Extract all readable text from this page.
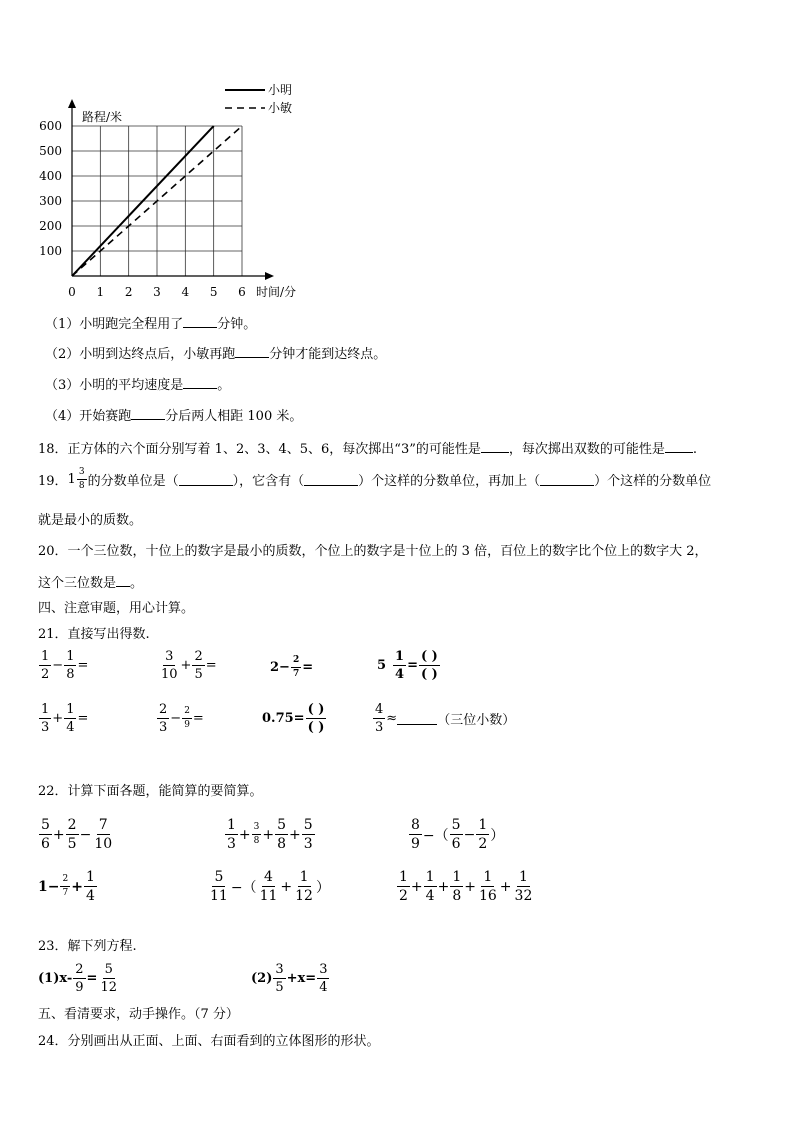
0 1 2 3 4 5 6
100
200
300
400
500
600
小明
小敏
路程/米
时间/分
（1）小明跑完全程用了	分钟。
（2）小明到达终点后，小敏再跑	分钟才能到达终点。
（3）小明的平均速度是	。
（4）开始赛跑	分后两人相距 100 米。
18．正方体的六个面分别写着 1、2、3、4、5、6，每次掷出“3”的可能性是 ，每次掷出双数的可能性是 .
19． $1 \frac{3}{8}$ 的分数单位是（	），它含有（	）个这样的分数单位，再加上（	）个这样的分数单位
就是最小的质数。
20．一个三位数，十位上的数字是最小的质数，个位上的数字是十位上的 3 倍，百位上的数字比个位上的数字大 2，
这个三位数是 。
四、注意审题，用心计算。
21．直接写出得数.
$\frac{1}{2} - \frac{1}{8}$ =	$\frac{3}{10} + \frac{2}{5}$ =	$2- \frac{2}{7}$ =	$5 \frac{1}{4} = \frac{( )}{( )}$
$\frac{1}{3} + \frac{1}{4}$ =	$\frac{2}{3} - \frac{2}{9}$ =	$0.75= \frac{( )}{( )}$	$\frac{4}{3}$ ≈	（三位小数）
22．计算下面各题，能简算的要简算。
$\frac{5}{6} + \frac{2}{5} - \frac{7}{10}$	$\frac{1}{3} + \frac{3}{8} + \frac{5}{8} + \frac{5}{3}$	$\frac{8}{9}$ −（ $\frac{5}{6} - \frac{1}{2}$ ）
$1- \frac{2}{7} + \frac{1}{4}$	$\frac{5}{11}$ −（ $\frac{4}{11} + \frac{1}{12}$ ）	$\frac{1}{2} + \frac{1}{4} + \frac{1}{8} + \frac{1}{16} + \frac{1}{32}$
23．解下列方程.
$(1)x- \frac{2}{9} = \frac{5}{12}$	$(2) \frac{3}{5} +x= \frac{3}{4}$
五、看清要求，动手操作。（7 分）
24．分别画出从正面、上面、右面看到的立体图形的形状。
